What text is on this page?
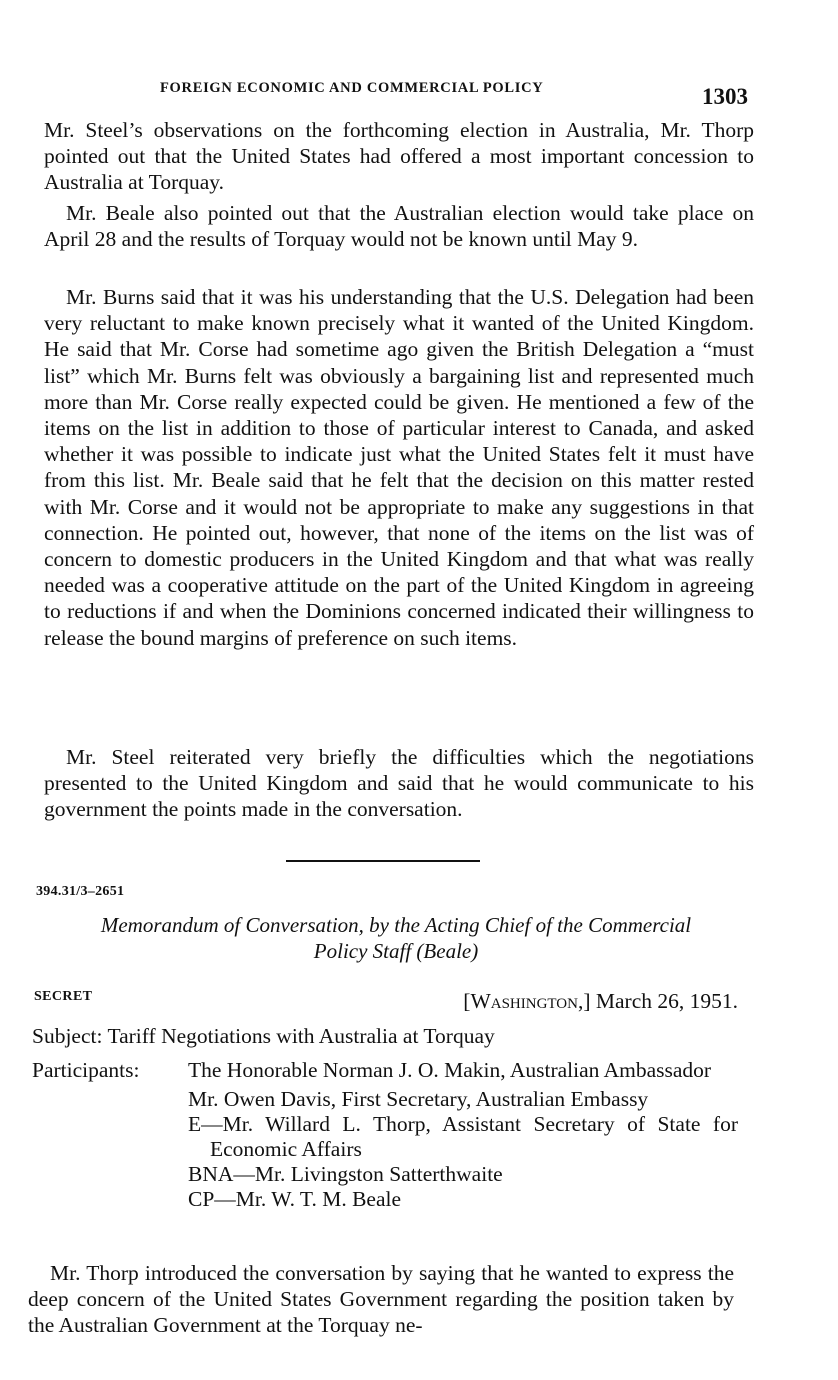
FOREIGN ECONOMIC AND COMMERCIAL POLICY	1303

Mr. Steel’s observations on the forthcoming election in Australia, Mr. Thorp pointed out that the United States had offered a most important concession to Australia at Torquay.

Mr. Beale also pointed out that the Australian election would take place on April 28 and the results of Torquay would not be known until May 9.

Mr. Burns said that it was his understanding that the U.S. Delegation had been very reluctant to make known precisely what it wanted of the United Kingdom. He said that Mr. Corse had sometime ago given the British Delegation a “must list” which Mr. Burns felt was obviously a bargaining list and represented much more than Mr. Corse really expected could be given. He mentioned a few of the items on the list in addition to those of particular interest to Canada, and asked whether it was possible to indicate just what the United States felt it must have from this list. Mr. Beale said that he felt that the decision on this matter rested with Mr. Corse and it would not be appropriate to make any suggestions in that connection. He pointed out, however, that none of the items on the list was of concern to domestic producers in the United Kingdom and that what was really needed was a cooperative attitude on the part of the United Kingdom in agreeing to reductions if and when the Dominions concerned indicated their willingness to release the bound margins of preference on such items.

Mr. Steel reiterated very briefly the difficulties which the negotiations presented to the United Kingdom and said that he would communicate to his government the points made in the conversation.

394.31/3–2651
Memorandum of Conversation, by the Acting Chief of the Commercial
Policy Staff (Beale)
SECRET	[Washington,] March 26, 1951.
Subject: Tariff Negotiations with Australia at Torquay
Participants: The Honorable Norman J. O. Makin, Australian Ambassador
Mr. Owen Davis, First Secretary, Australian Embassy
E—Mr. Willard L. Thorp, Assistant Secretary of State for Economic Affairs
BNA—Mr. Livingston Satterthwaite
CP—Mr. W. T. M. Beale

Mr. Thorp introduced the conversation by saying that he wanted to express the deep concern of the United States Government regarding the position taken by the Australian Government at the Torquay ne-
